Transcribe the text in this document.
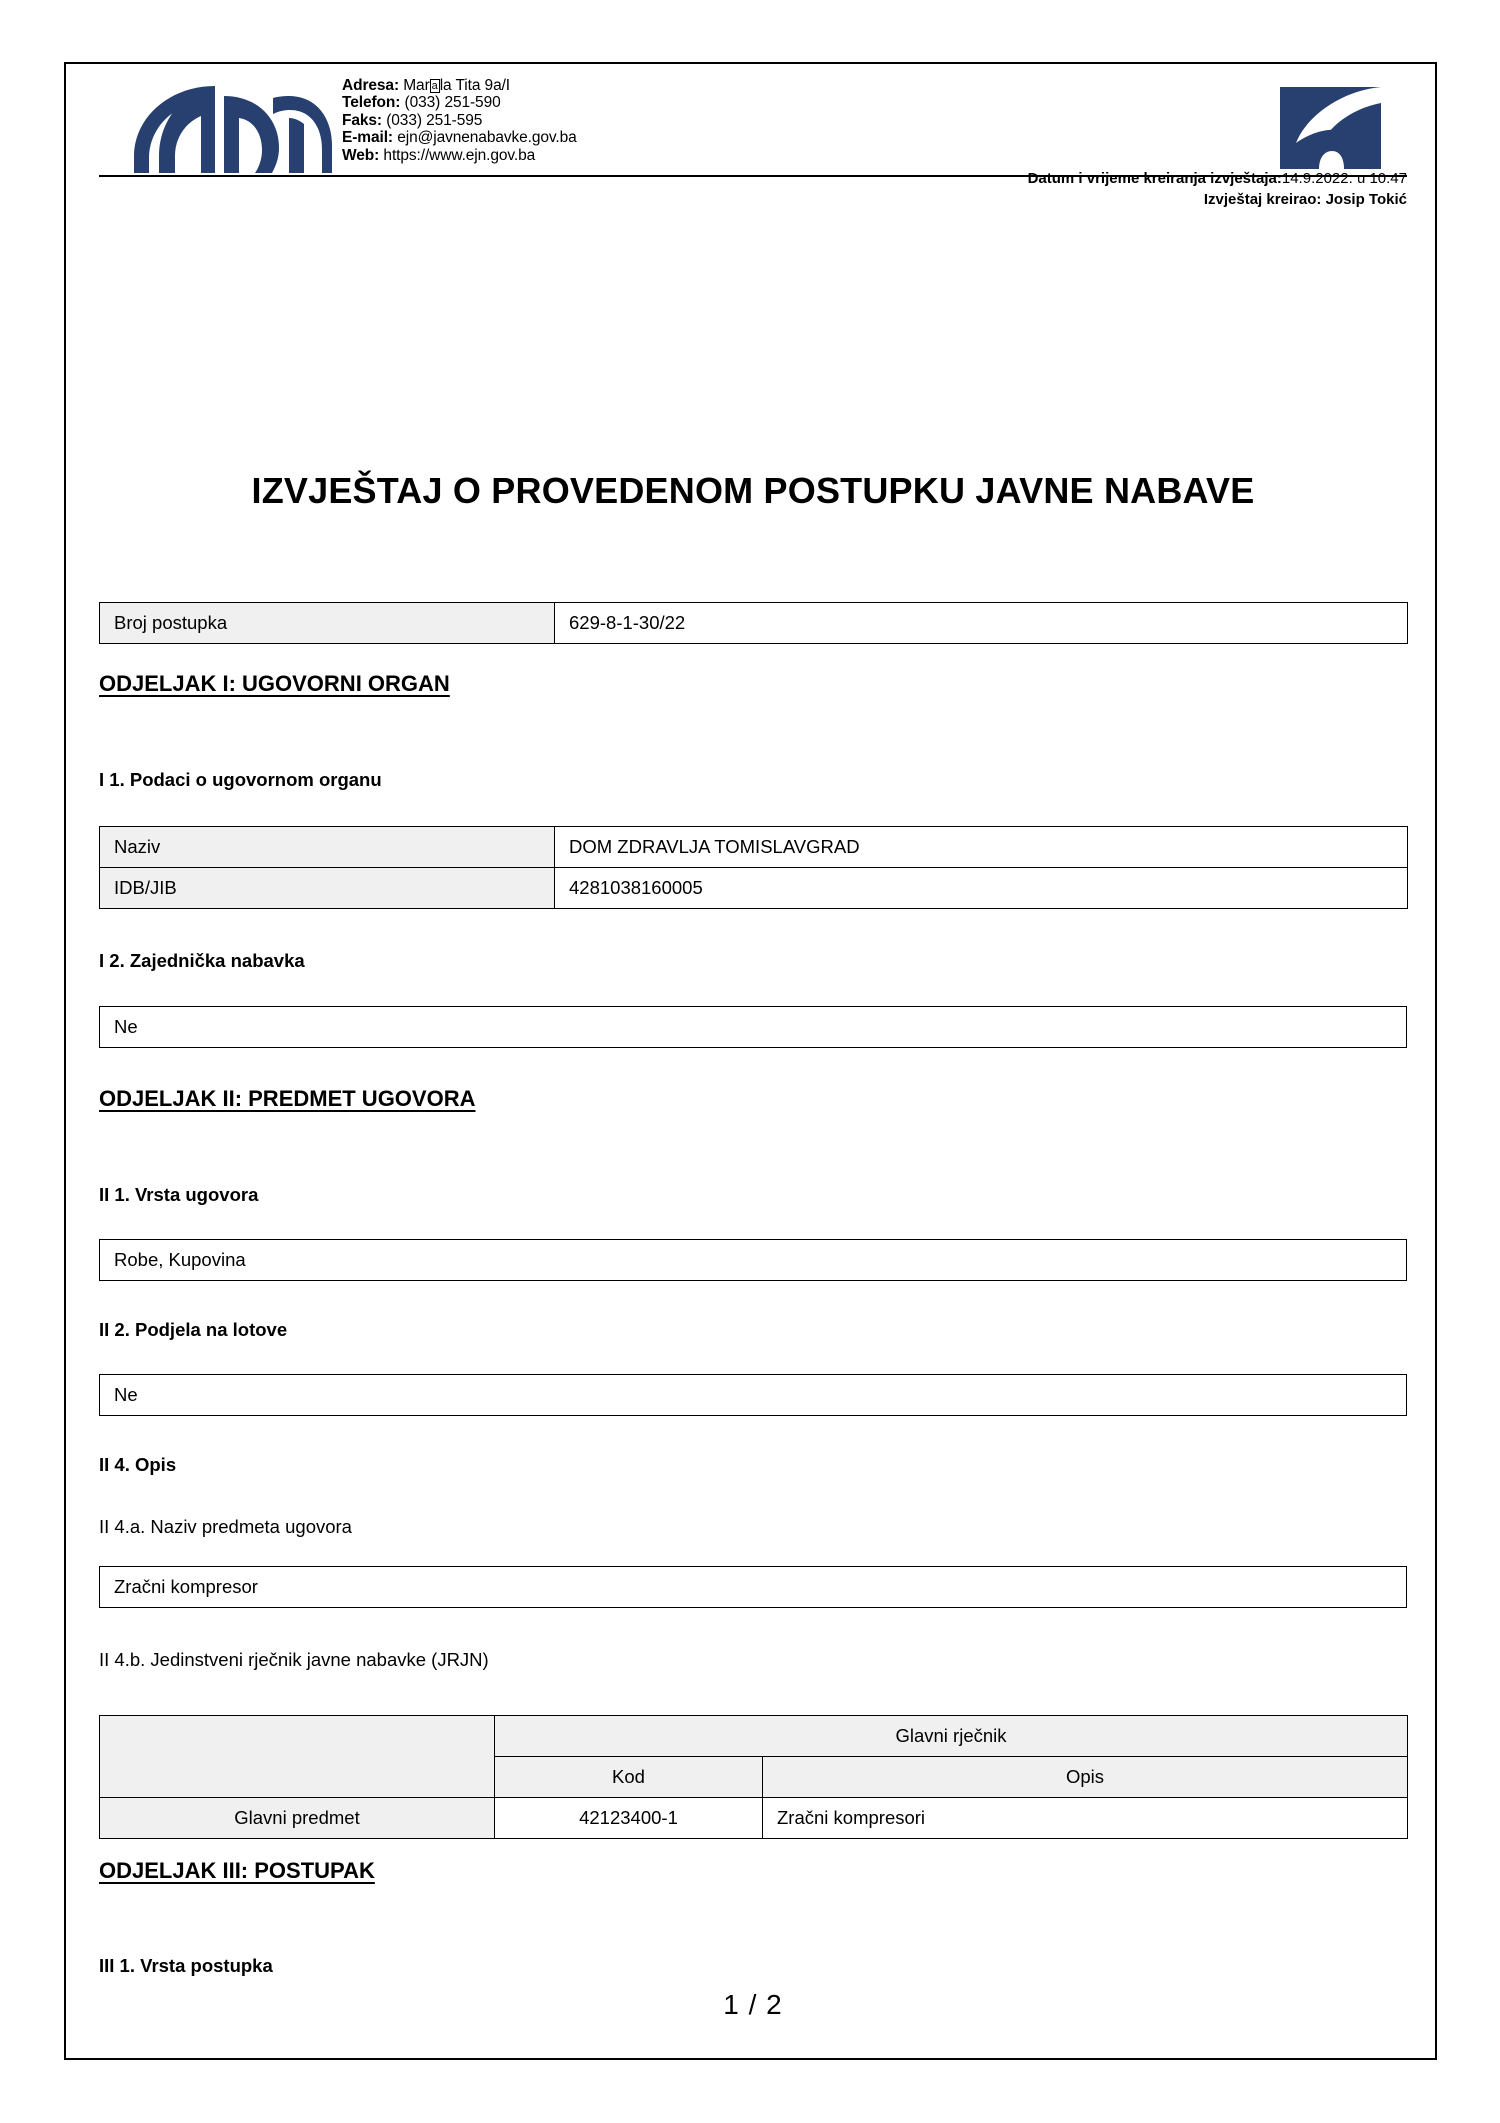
Adresa: Mar a la Tita 9a/I
Telefon: (033) 251-590
Faks: (033) 251-595
E-mail: ejn@javnenabavke.gov.ba
Web: https://www.ejn.gov.ba
Datum i vrijeme kreiranja izvještaja:14.9.2022. u 10:47
Izvještaj kreirao: Josip Tokić
IZVJEŠTAJ O PROVEDENOM POSTUPKU JAVNE NABAVE
Broj postupka	629-8-1-30/22
ODJELJAK I: UGOVORNI ORGAN
I 1. Podaci o ugovornom organu
Naziv	DOM ZDRAVLJA TOMISLAVGRAD
IDB/JIB	4281038160005
I 2. Zajednička nabavka
Ne
ODJELJAK II: PREDMET UGOVORA
II 1. Vrsta ugovora
Robe, Kupovina
II 2. Podjela na lotove
Ne
II 4. Opis
II 4.a. Naziv predmeta ugovora
Zračni kompresor
II 4.b. Jedinstveni rječnik javne nabavke (JRJN)
	Glavni rječnik	
	Kod	Opis
Glavni predmet	42123400-1	Zračni kompresori
ODJELJAK III: POSTUPAK
III 1. Vrsta postupka
1 / 2
